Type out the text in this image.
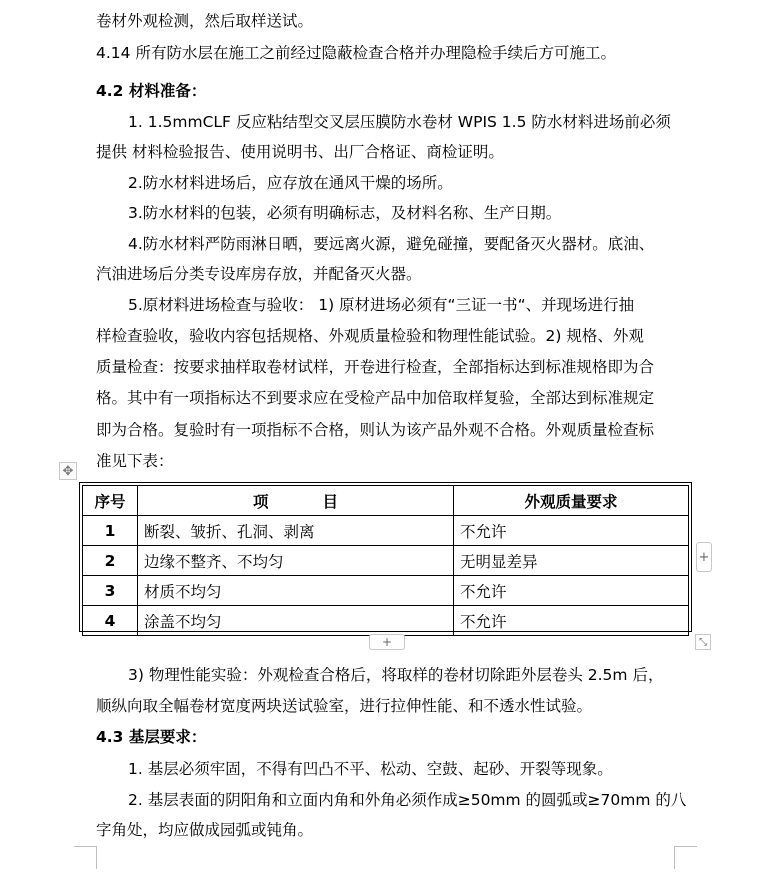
卷材外观检测，然后取样送试。
4.14 所有防水层在施工之前经过隐蔽检查合格并办理隐检手续后方可施工。
4.2 材料准备：
1. 1.5mmCLF 反应粘结型交叉层压膜防水卷材 WPIS 1.5 防水材料进场前必须
提供 材料检验报告、使用说明书、出厂合格证、商检证明。
2.防水材料进场后，应存放在通风干燥的场所。
3.防水材料的包装，必须有明确标志，及材料名称、生产日期。
4.防水材料严防雨淋日晒，要远离火源，避免碰撞，要配备灭火器材。底油、
汽油进场后分类专设库房存放，并配备灭火器。
5.原材料进场检查与验收： 1) 原材进场必须有“三证一书“、并现场进行抽
样检查验收，验收内容包括规格、外观质量检验和物理性能试验。2) 规格、外观
质量检查：按要求抽样取卷材试样，开卷进行检查，全部指标达到标准规格即为合
格。其中有一项指标达不到要求应在受检产品中加倍取样复验，全部达到标准规定
即为合格。复验时有一项指标不合格，则认为该产品外观不合格。外观质量检查标
准见下表：
✥
序号	项          目	外观质量要求
1	断裂、皱折、孔洞、剥离	不允许
2	边缘不整齐、不均匀	无明显差异
3	材质不均匀	不允许
4	涂盖不均匀	不允许
+
+	⤡
3) 物理性能实验：外观检查合格后，将取样的卷材切除距外层卷头 2.5m 后，
顺纵向取全幅卷材宽度两块送试验室，进行拉伸性能、和不透水性试验。
4.3 基层要求：
1. 基层必须牢固，不得有凹凸不平、松动、空鼓、起砂、开裂等现象。
2. 基层表面的阴阳角和立面内角和外角必须作成≥50mm 的圆弧或≥70mm 的八
字角处，均应做成园弧或钝角。
